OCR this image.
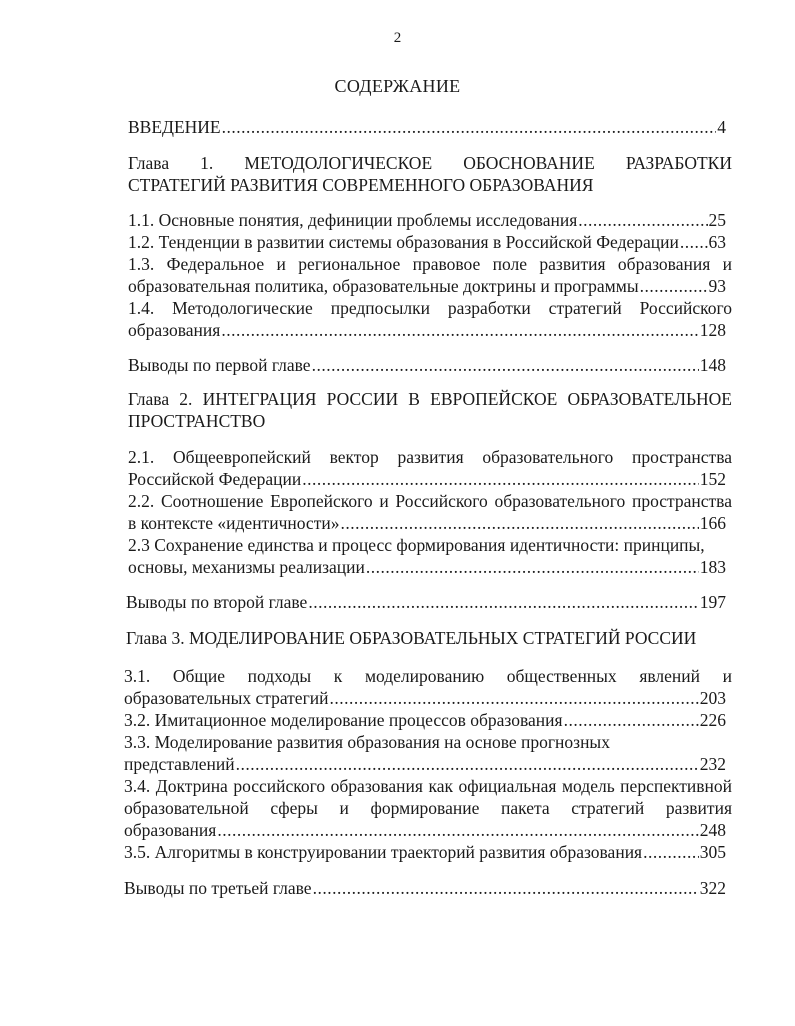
2
СОДЕРЖАНИЕ
ВВЕДЕНИЕ .....	4
Глава 1. МЕТОДОЛОГИЧЕСКОЕ ОБОСНОВАНИЕ РАЗРАБОТКИ
СТРАТЕГИЙ РАЗВИТИЯ СОВРЕМЕННОГО ОБРАЗОВАНИЯ
1.1. Основные понятия, дефиниции проблемы исследования .....	25
1.2. Тенденции в развитии системы образования в Российской Федерации ..... 63
1.3. Федеральное и региональное правовое поле развития образования и
образовательная политика, образовательные доктрины и программы .....	93
1.4. Методологические предпосылки разработки стратегий Российского
образования .....	128
Выводы по первой главе .....	148
Глава 2. ИНТЕГРАЦИЯ РОССИИ В ЕВРОПЕЙСКОЕ ОБРАЗОВАТЕЛЬНОЕ
ПРОСТРАНСТВО
2.1. Общеевропейский вектор развития образовательного пространства
Российской Федерации .....	152
2.2. Соотношение Европейского и Российского образовательного пространства
в контексте «идентичности» .....	166
2.3 Сохранение единства и процесс формирования идентичности: принципы,
основы, механизмы реализации .....	183
Выводы по второй главе .....	197
Глава 3. МОДЕЛИРОВАНИЕ ОБРАЗОВАТЕЛЬНЫХ СТРАТЕГИЙ РОССИИ
3.1. Общие подходы к моделированию общественных явлений и
образовательных стратегий .....	203
3.2. Имитационное моделирование процессов образования .....	226
3.3. Моделирование развития образования на основе прогнозных
представлений .....	232
3.4. Доктрина российского образования как официальная модель перспективной
образовательной сферы и формирование пакета стратегий развития
образования .....	248
3.5. Алгоритмы в конструировании траекторий развития образования .....	305
Выводы по третьей главе .....	322
